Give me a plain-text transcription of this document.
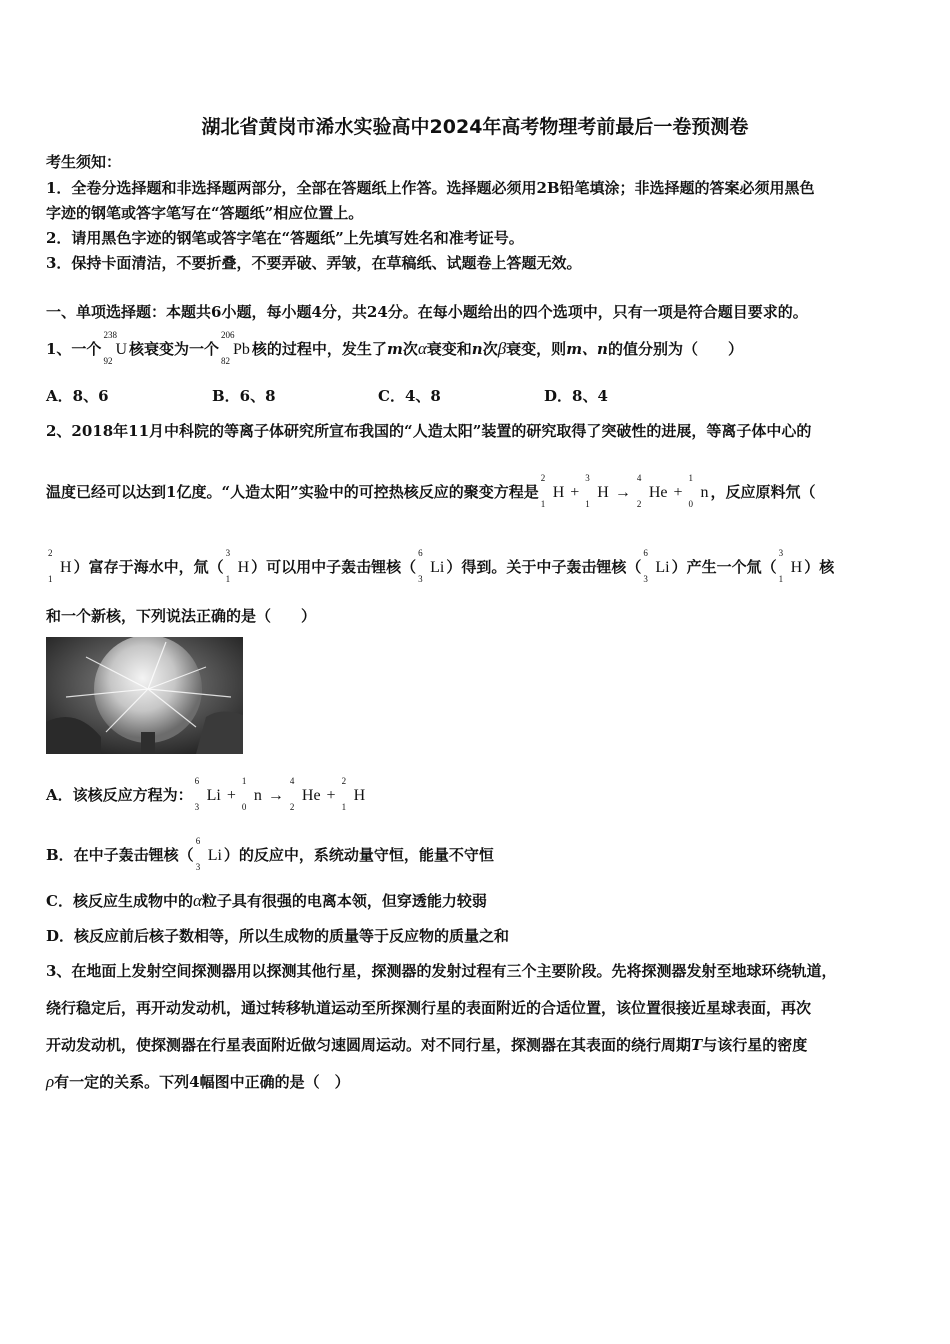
湖北省黄岗市浠水实验高中2024年高考物理考前最后一卷预测卷
考生须知：
1．全卷分选择题和非选择题两部分，全部在答题纸上作答。选择题必须用2B铅笔填涂；非选择题的答案必须用黑色
字迹的钢笔或答字笔写在“答题纸”相应位置上。
2．请用黑色字迹的钢笔或答字笔在“答题纸”上先填写姓名和准考证号。
3．保持卡面清洁，不要折叠，不要弄破、弄皱，在草稿纸、试题卷上答题无效。
一、单项选择题：本题共6小题，每小题4分，共24分。在每小题给出的四个选项中，只有一项是符合题目要求的。
1、一个
238
92
U 核衰变为一个
206
82
Pb 核的过程中，发生了m次α衰变和n次β衰变，则m、n的值分别为（　　）
A．8、6	B．6、8	C．4、8	D．8、4
2、2018年11月中科院的等离子体研究所宣布我国的“人造太阳”装置的研究取得了突破性的进展，等离子体中心的
温度已经可以达到1亿度。“人造太阳”实验中的可控热核反应的聚变方程是
2
1
H +
3
1
H →
4
2
He +
1
0
n ，反应原料氘（
2
1
H ）富存于海水中，氚（
3
1
H ）可以用中子轰击锂核（
6
3
Li ）得到。关于中子轰击锂核（
6
3
Li ）产生一个氚（
3
1
H ）核
和一个新核，下列说法正确的是（　　）
A．该核反应方程为：
6
3
Li +
1
0
n →
4
2
He +
2
1
H
B．在中子轰击锂核（
6
3
Li ）的反应中，系统动量守恒，能量不守恒
C．核反应生成物中的α粒子具有很强的电离本领，但穿透能力较弱
D．核反应前后核子数相等，所以生成物的质量等于反应物的质量之和
3、在地面上发射空间探测器用以探测其他行星，探测器的发射过程有三个主要阶段。先将探测器发射至地球环绕轨道，
绕行稳定后，再开动发动机，通过转移轨道运动至所探测行星的表面附近的合适位置，该位置很接近星球表面，再次
开动发动机，使探测器在行星表面附近做匀速圆周运动。对不同行星，探测器在其表面的绕行周期T与该行星的密度
ρ有一定的关系。下列4幅图中正确的是（　）
